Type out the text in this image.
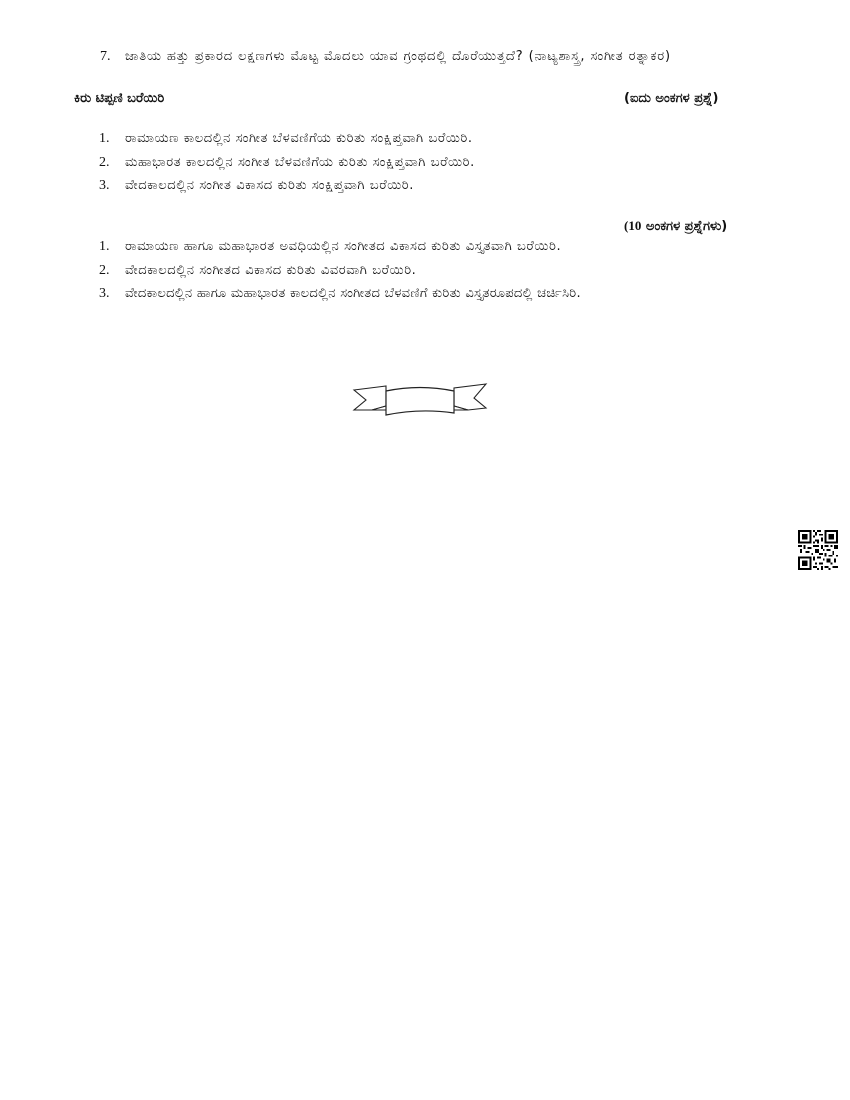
7. ಜಾತಿಯ ಹತ್ತು ಪ್ರಕಾರದ ಲಕ್ಷಣಗಳು ಮೊಟ್ಟ ಮೊದಲು ಯಾವ ಗ್ರಂಥದಲ್ಲಿ ದೊರೆಯುತ್ತದೆ? (ನಾಟ್ಯಶಾಸ್ತ್ರ, ಸಂಗೀತ ರತ್ನಾಕರ)
ಕಿರು ಟಿಪ್ಪಣಿ ಬರೆಯಿರಿ	(ಐದು ಅಂಕಗಳ ಪ್ರಶ್ನೆ)
1. ರಾಮಾಯಣ ಕಾಲದಲ್ಲಿನ ಸಂಗೀತ ಬೆಳವಣಿಗೆಯ ಕುರಿತು ಸಂಕ್ಷಿಪ್ತವಾಗಿ ಬರೆಯಿರಿ.
2. ಮಹಾಭಾರತ ಕಾಲದಲ್ಲಿನ ಸಂಗೀತ ಬೆಳವಣಿಗೆಯ ಕುರಿತು ಸಂಕ್ಷಿಪ್ತವಾಗಿ ಬರೆಯಿರಿ.
3. ವೇದಕಾಲದಲ್ಲಿನ ಸಂಗೀತ ವಿಕಾಸದ ಕುರಿತು ಸಂಕ್ಷಿಪ್ತವಾಗಿ ಬರೆಯಿರಿ.
(10 ಅಂಕಗಳ ಪ್ರಶ್ನೆಗಳು)
1. ರಾಮಾಯಣ ಹಾಗೂ ಮಹಾಭಾರತ ಅವಧಿಯಲ್ಲಿನ ಸಂಗೀತದ ವಿಕಾಸದ ಕುರಿತು ವಿಸ್ತೃತವಾಗಿ ಬರೆಯಿರಿ.
2. ವೇದಕಾಲದಲ್ಲಿನ ಸಂಗೀತದ ವಿಕಾಸದ ಕುರಿತು ವಿವರವಾಗಿ ಬರೆಯಿರಿ.
3. ವೇದಕಾಲದಲ್ಲಿನ ಹಾಗೂ ಮಹಾಭಾರತ ಕಾಲದಲ್ಲಿನ ಸಂಗೀತದ ಬೆಳವಣಿಗೆ ಕುರಿತು ವಿಸ್ತೃತರೂಪದಲ್ಲಿ ಚರ್ಚಿಸಿರಿ.
